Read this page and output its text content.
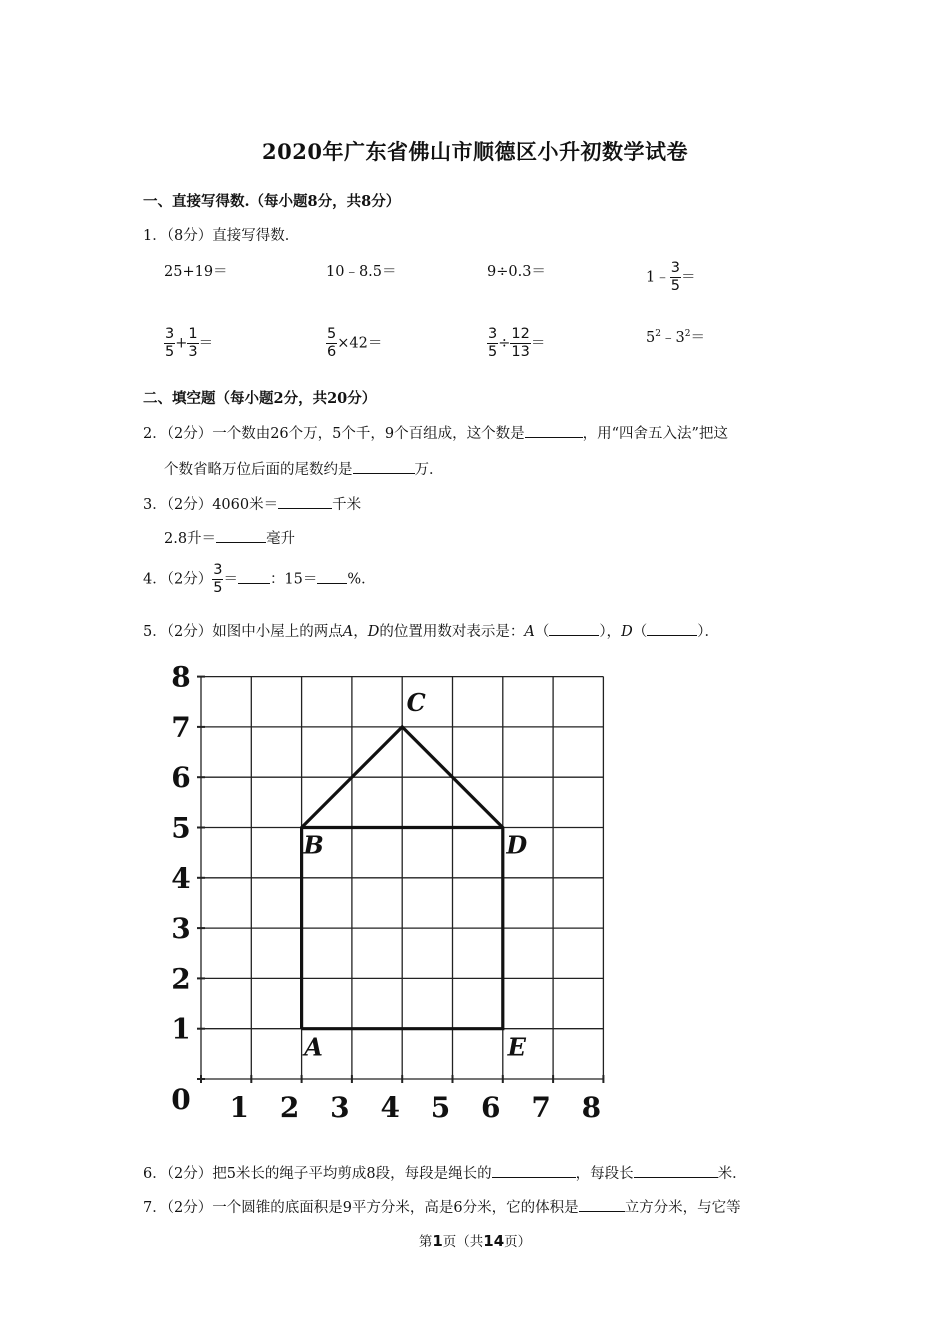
2020年广东省佛山市顺德区小升初数学试卷
一、直接写得数.（每小题8分，共8分）
1．（8分）直接写得数．
25+19＝	10﹣8.5＝	9÷0.3＝	1﹣ $\frac{3}{5}$ ＝
$\frac{3}{5} + \frac{1}{3}$ ＝	$\frac{5}{6} \times 42=$	$\frac{3}{5} \div \frac{12}{13}$ ＝	$5^2﹣3^2=$
二、填空题（每小题2分，共20分）
2．（2分）一个数由26个万，5个千，9个百组成，这个数是	，用“四舍五入法”把这
个数省略万位后面的尾数约是	万．
3．（2分）4060米＝	千米
2.8升＝	毫升
4．（2分） $\frac{3}{5}$ ＝ ：15＝ %．
5．（2分）如图中小屋上的两点A，D的位置用数对表示是：A（	），D（	）．
1 2 3 4 5 6 7 8
1
2
3
4
5
6
7
8
0
C
B	D
A	E
6．（2分）把5米长的绳子平均剪成8段，每段是绳长的	，每段长	米．
7．（2分）一个圆锥的底面积是9平方分米，高是6分米，它的体积是	立方分米，与它等
第1页（共14页）
